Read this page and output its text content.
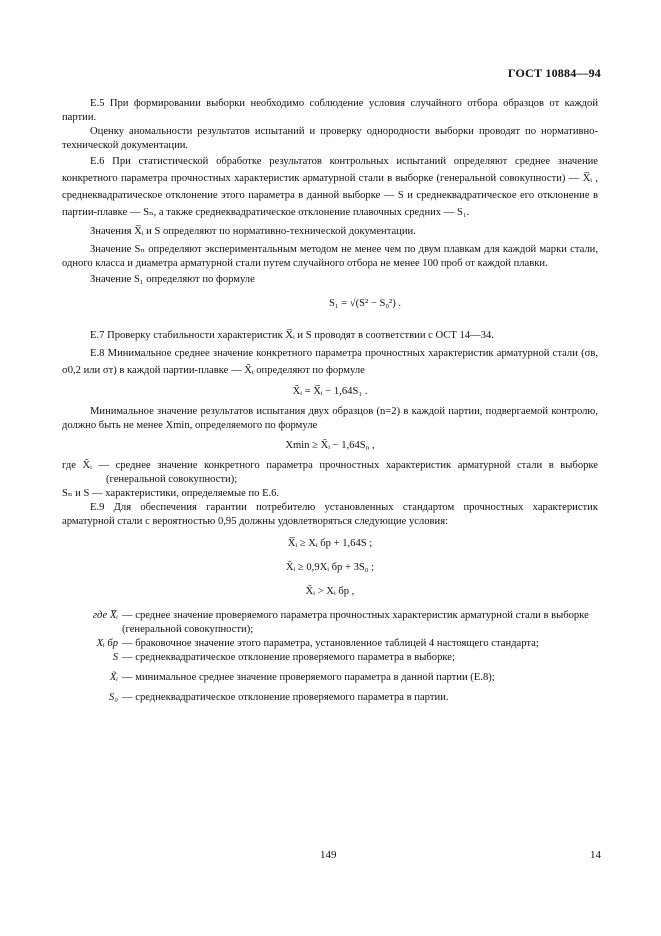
ГОСТ 10884—94

Е.5 При формировании выборки необходимо соблюдение условия случайного отбора образцов от каждой партии.

Оценку аномальности результатов испытаний и проверку однородности выборки проводят по нормативно-технической документации.

Е.6 При статистической обработке результатов контрольных испытаний определяют среднее значение конкретного параметра прочностных характеристик арматурной стали в выборке (генеральной совокупности) — X̅ᵢ , среднеквадратическое отклонение этого параметра в данной выборке — S и среднеквадратическое его отклонение в партии-плавке — Sₙ, а также среднеквадратическое отклонение плавочных средних — S₁.

Значения X̅ᵢ и S определяют по нормативно-технической документации.

Значение Sₙ определяют экспериментальным методом не менее чем по двум плавкам для каждой марки стали, одного класса и диаметра арматурной стали путем случайного отбора не менее 100 проб от каждой плавки.

Значение S₁ определяют по формуле

S₁ = √(S² − S₀²) .

Е.7 Проверку стабильности характеристик X̅ᵢ и S проводят в соответствии с ОСТ 14—34.

Е.8 Минимальное среднее значение конкретного параметра прочностных характеристик арматурной стали (σв, σ0,2 или σт) в каждой партии-плавке — X̃ᵢ определяют по формуле

X̃ᵢ = X̅ᵢ − 1,64S₁ .

Минимальное значение результатов испытания двух образцов (n=2) в каждой партии, подвергаемой контролю, должно быть не менее Xmin, определяемого по формуле

Xmin ≥ X̃ᵢ − 1,64S₀ ,

где X̃ᵢ — среднее значение конкретного параметра прочностных характеристик арматурной стали в выборке (генеральной совокупности);

Sₙ и S — характеристики, определяемые по Е.6.

Е.9 Для обеспечения гарантии потребителю установленных стандартом прочностных характеристик арматурной стали с вероятностью 0,95 должны удовлетворяться следующие условия:

X̅ᵢ ≥ Xᵢ бр + 1,64S ;
X̃ᵢ ≥ 0,9Xᵢ бр + 3S₀ ;
X̃ᵢ > Xᵢ бр ,
где X̅ᵢ — среднее значение проверяемого параметра прочностных характеристик арматурной стали в выборке (генеральной совокупности);
Xᵢ бр — браковочное значение этого параметра, установленное таблицей 4 настоящего стандарта;
S — среднеквадратическое отклонение проверяемого параметра в выборке;
X̃ᵢ — минимальное среднее значение проверяемого параметра в данной партии (Е.8);
S₀ — среднеквадратическое отклонение проверяемого параметра в партии.
149	14
